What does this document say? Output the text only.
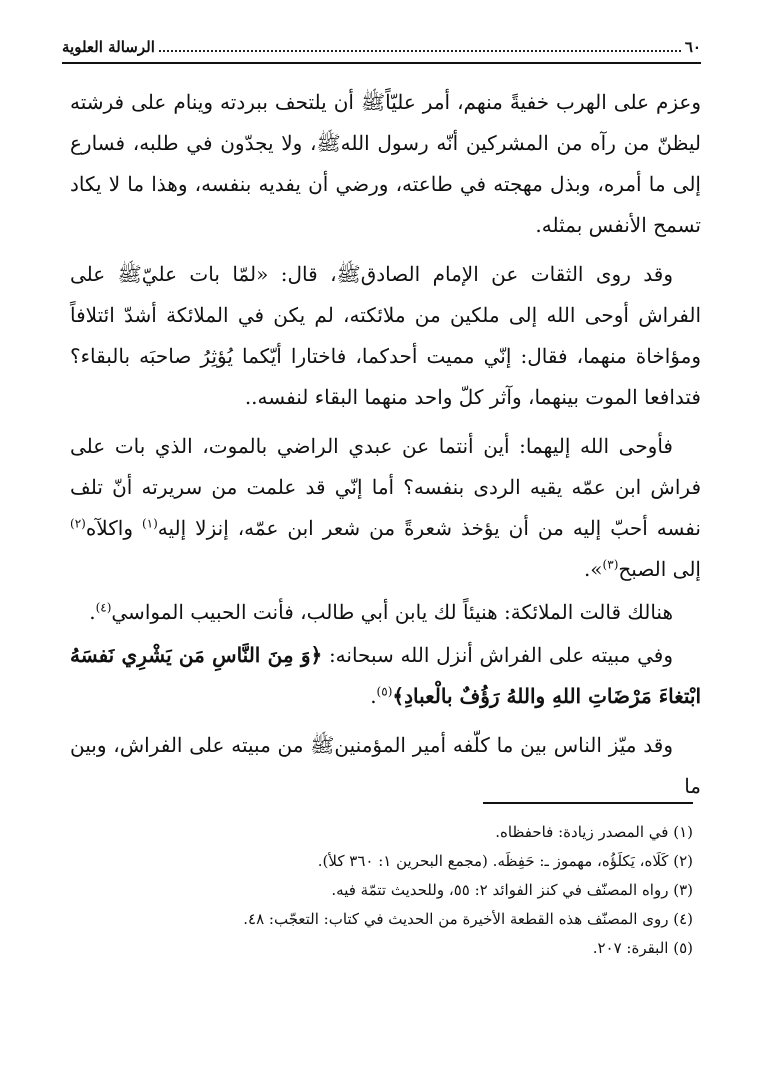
٦٠
الرسالة العلوية

وعزم على الهرب خفيةً منهم، أمر عليّاًﷺ أن يلتحف ببردته وينام على فرشته ليظنّ من رآه من المشركين أنّه رسول اللهﷺ، ولا يجدّون في طلبه، فسارع إلى ما أمره، وبذل مهجته في طاعته، ورضي أن يفديه بنفسه، وهذا ما لا يكاد تسمح الأنفس بمثله.

وقد روى الثقات عن الإمام الصادقﷺ، قال: «لمّا بات عليّﷺ على الفراش أوحى الله إلى ملكين من ملائكته، لم يكن في الملائكة أشدّ ائتلافاً ومؤاخاة منهما، فقال: إنّي مميت أحدكما، فاختارا أيّكما يُؤثِرُ صاحبَه بالبقاء؟ فتدافعا الموت بينهما، وآثر كلّ واحد منهما البقاء لنفسه..

فأوحى الله إليهما: أين أنتما عن عبدي الراضي بالموت، الذي بات على فراش ابن عمّه يقيه الردى بنفسه؟ أما إنّي قد علمت من سريرته أنّ تلف نفسه أحبّ إليه من أن يؤخذ شعرةً من شعر ابن عمّه، إنزلا إليه$^{(١)}$ واكلآه$^{(٢)}$ إلى الصبح$^{(٣)}$».

هنالك قالت الملائكة: هنيئاً لك يابن أبي طالب، فأنت الحبيب المواسي$^{(٤)}$.

وفي مبيته على الفراش أنزل الله سبحانه: ﴿وَ مِنَ النَّاسِ مَن يَشْرِي نَفسَهُ ابْتغاءَ مَرْضَاتِ اللهِ واللهُ رَؤُفٌ بالْعبادِ﴾$^{(٥)}$.

وقد ميّز الناس بين ما كلّفه أمير المؤمنينﷺ من مبيته على الفراش، وبين ما

(١) في المصدر زيادة: فاحفظاه.
(٢) كَلَاه، يَكلَؤُه، مهموز ـ: حَفِظَه. (مجمع البحرين ١: ٣٦٠ كلأ).
(٣) رواه المصنّف في كنز الفوائد ٢: ٥٥، وللحديث تتمّة فيه.
(٤) روى المصنّف هذه القطعة الأخيرة من الحديث في كتاب: التعجّب: ٤٨.
(٥) البقرة: ٢٠٧.
